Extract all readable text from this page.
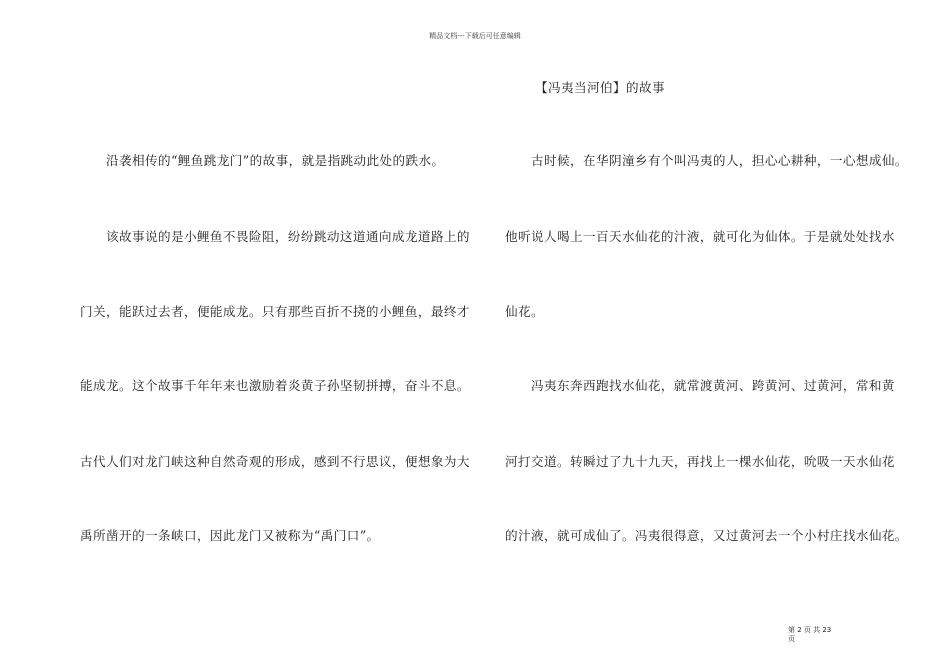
精品文档---下载后可任意编辑
　　沿袭相传的“鲤鱼跳龙门”的故事，就是指跳动此处的跌水。
　　该故事说的是小鲤鱼不畏险阻，纷纷跳动这道通向成龙道路上的
门关，能跃过去者，便能成龙。只有那些百折不挠的小鲤鱼，最终才
能成龙。这个故事千年年来也激励着炎黄子孙坚韧拼搏，奋斗不息。
古代人们对龙门峡这种自然奇观的形成，感到不行思议，便想象为大
禹所凿开的一条峡口，因此龙门又被称为“禹门口”。
【冯夷当河伯】的故事
　　古时候，在华阴潼乡有个叫冯夷的人，担心心耕种，一心想成仙。
他听说人喝上一百天水仙花的汁液，就可化为仙体。于是就处处找水
仙花。
　　冯夷东奔西跑找水仙花，就常渡黄河、跨黄河、过黄河，常和黄
河打交道。转瞬过了九十九天，再找上一棵水仙花，吮吸一天水仙花
的汁液，就可成仙了。冯夷很得意，又过黄河去一个小村庄找水仙花。
第 2 页 共 23
页
